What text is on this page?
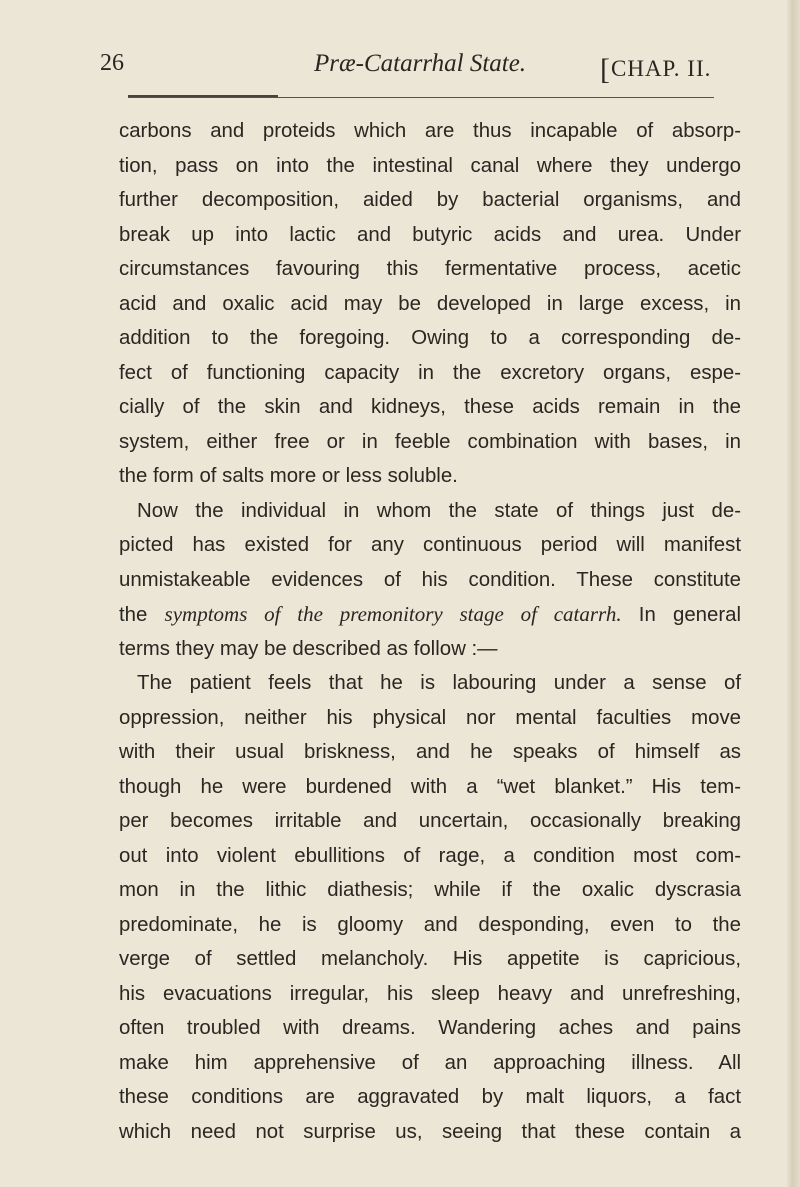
26	Præ-Catarrhal State. [CHAP. II.
carbons and proteids which are thus incapable of absorp-
tion, pass on into the intestinal canal where they undergo
further decomposition, aided by bacterial organisms, and
break up into lactic and butyric acids and urea. Under
circumstances favouring this fermentative process, acetic
acid and oxalic acid may be developed in large excess, in
addition to the foregoing. Owing to a corresponding de-
fect of functioning capacity in the excretory organs, espe-
cially of the skin and kidneys, these acids remain in the
system, either free or in feeble combination with bases, in
the form of salts more or less soluble.
Now the individual in whom the state of things just de-
picted has existed for any continuous period will manifest
unmistakeable evidences of his condition. These constitute
the symptoms of the premonitory stage of catarrh. In general
terms they may be described as follow :—
The patient feels that he is labouring under a sense of
oppression, neither his physical nor mental faculties move
with their usual briskness, and he speaks of himself as
though he were burdened with a “wet blanket.” His tem-
per becomes irritable and uncertain, occasionally breaking
out into violent ebullitions of rage, a condition most com-
mon in the lithic diathesis; while if the oxalic dyscrasia
predominate, he is gloomy and desponding, even to the
verge of settled melancholy. His appetite is capricious,
his evacuations irregular, his sleep heavy and unrefreshing,
often troubled with dreams. Wandering aches and pains
make him apprehensive of an approaching illness. All
these conditions are aggravated by malt liquors, a fact
which need not surprise us, seeing that these contain a
